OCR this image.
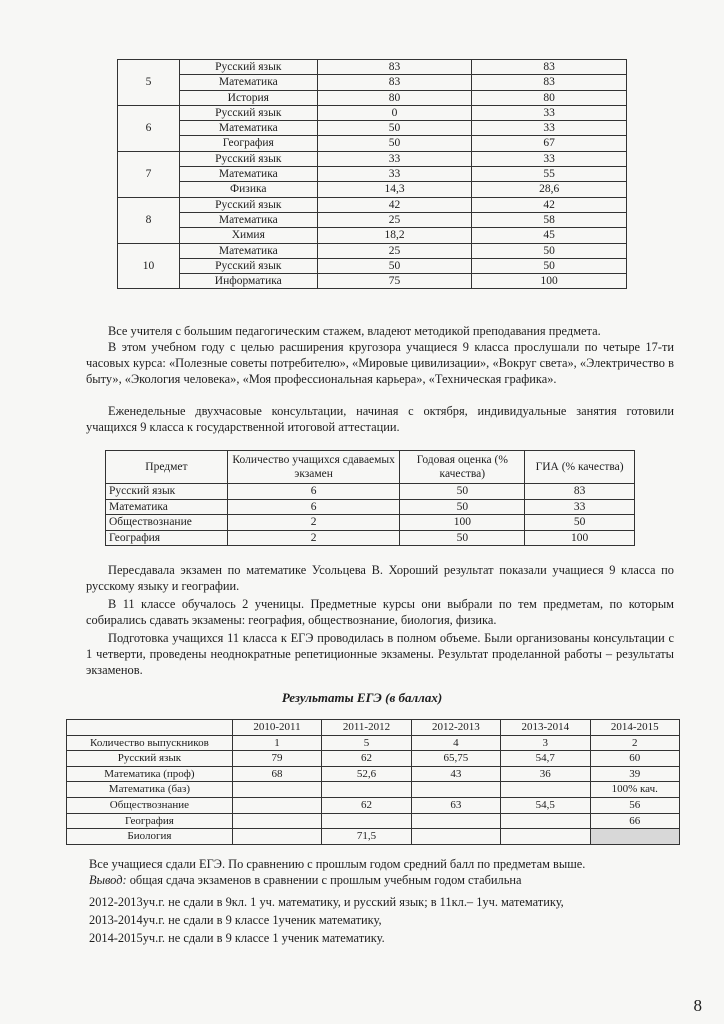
5	Русский язык	83	83
	Математика	83	83
	История	80	80
6	Русский язык	0	33
	Математика	50	33
	География	50	67
7	Русский язык	33	33
	Математика	33	55
	Физика	14,3	28,6
8	Русский язык	42	42
	Математика	25	58
	Химия	18,2	45
10	Математика	25	50
	Русский язык	50	50
	Информатика	75	100

Все учителя с большим педагогическим стажем, владеют методикой преподавания предмета.

В этом учебном году с целью расширения кругозора учащиеся 9 класса прослушали по четыре 17-ти часовых курса: «Полезные советы потребителю», «Мировые цивилизации», «Вокруг света», «Электричество в быту», «Экология человека», «Моя профессиональная карьера», «Техническая графика».

Еженедельные двухчасовые консультации, начиная с октября, индивидуальные занятия готовили учащихся 9 класса к государственной итоговой аттестации.

Предмет	Количество учащихся сдаваемых экзамен	Годовая оценка (% качества)	ГИА (% качества)
Русский язык	6	50	83
Математика	6	50	33
Обществознание	2	100	50
География	2	50	100

Пересдавала экзамен по математике Усольцева В. Хороший результат показали учащиеся 9 класса по русскому языку и географии.

В 11 классе обучалось 2 ученицы. Предметные курсы они выбрали по тем предметам, по которым собирались сдавать экзамены: география, обществознание, биология, физика.

Подготовка учащихся 11 класса к ЕГЭ проводилась в полном объеме. Были организованы консультации с 1 четверти, проведены неоднократные репетиционные экзамены. Результат проделанной работы – результаты экзаменов.

Результаты ЕГЭ (в баллах)

	2010-2011	2011-2012	2012-2013	2013-2014	2014-2015
Количество выпускников	1	5	4	3	2
Русский язык	79	62	65,75	54,7	60
Математика (проф)	68	52,6	43	36	39
Математика (баз)					100% кач.
Обществознание		62	63	54,5	56
География					66
Биология		71,5			

Все учащиеся сдали ЕГЭ. По сравнению с прошлым годом средний балл по предметам выше.

Вывод: общая сдача экзаменов в сравнении с прошлым учебным годом стабильна

2012-2013уч.г. не сдали в 9кл. 1 уч. математику, и русский язык; в 11кл.– 1уч. математику,

2013-2014уч.г. не сдали в 9 классе 1ученик математику,

2014-2015уч.г. не сдали в 9 классе 1 ученик математику.

8
